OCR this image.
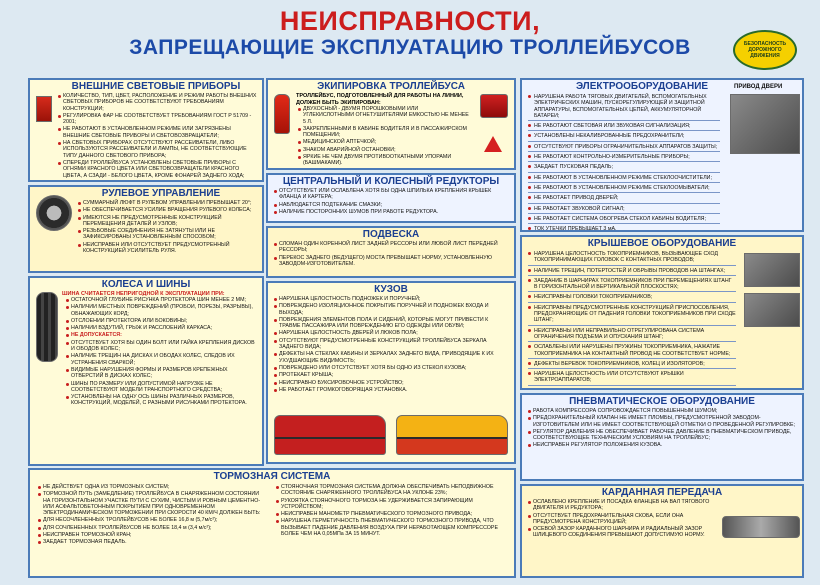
НЕИСПРАВНОСТИ,
ЗАПРЕЩАЮЩИЕ ЭКСПЛУАТАЦИЮ ТРОЛЛЕЙБУСОВ	БЕЗОПАСНОСТЬ ДОРОЖНОГО ДВИЖЕНИЯ
ВНЕШНИЕ СВЕТОВЫЕ ПРИБОРЫ
КОЛИЧЕСТВО, ТИП, ЦВЕТ, РАСПОЛОЖЕНИЕ И РЕЖИМ РАБОТЫ ВНЕШНИХ СВЕТОВЫХ ПРИБОРОВ НЕ СООТВЕТСТВУЮТ ТРЕБОВАНИЯМ КОНСТРУКЦИИ;
РЕГУЛИРОВКА ФАР НЕ СООТВЕТСТВУЕТ ТРЕБОВАНИЯМ ГОСТ Р 51709 - 2001;
НЕ РАБОТАЮТ В УСТАНОВЛЕННОМ РЕЖИМЕ ИЛИ ЗАГРЯЗНЕНЫ ВНЕШНИЕ СВЕТОВЫЕ ПРИБОРЫ И СВЕТОВОЗВРАЩАТЕЛИ;
НА СВЕТОВЫХ ПРИБОРАХ ОТСУТСТВУЮТ РАССЕИВАТЕЛИ, ЛИБО ИСПОЛЬЗУЮТСЯ РАССЕИВАТЕЛИ И ЛАМПЫ, НЕ СООТВЕТСТВУЮЩИЕ ТИПУ ДАННОГО СВЕТОВОГО ПРИБОРА;
СПЕРЕДИ ТРОЛЛЕЙБУСА УСТАНОВЛЕНЫ СВЕТОВЫЕ ПРИБОРЫ С ОГНЯМИ КРАСНОГО ЦВЕТА ИЛИ СВЕТОВОЗВРАЩАТЕЛИ КРАСНОГО ЦВЕТА, А СЗАДИ - БЕЛОГО ЦВЕТА, КРОМЕ ФОНАРЕЙ ЗАДНЕГО ХОДА;
РУЛЕВОЕ УПРАВЛЕНИЕ
СУММАРНЫЙ ЛЮФТ В РУЛЕВОМ УПРАВЛЕНИИ ПРЕВЫШАЕТ 20°;
НЕ ОБЕСПЕЧИВАЕТСЯ УСИЛИЕ ВРАЩЕНИЯ РУЛЕВОГО КОЛЕСА;
ИМЕЮТСЯ НЕ ПРЕДУСМОТРЕННЫЕ КОНСТРУКЦИЕЙ ПЕРЕМЕЩЕНИЯ ДЕТАЛЕЙ И УЗЛОВ;
РЕЗЬБОВЫЕ СОЕДИНЕНИЯ НЕ ЗАТЯНУТЫ ИЛИ НЕ ЗАФИКСИРОВАНЫ УСТАНОВЛЕННЫМ СПОСОБОМ;
НЕИСПРАВЕН ИЛИ ОТСУТСТВУЕТ ПРЕДУСМОТРЕННЫЙ КОНСТРУКЦИЕЙ УСИЛИТЕЛЬ РУЛЯ.
КОЛЕСА И ШИНЫ
ШИНА СЧИТАЕТСЯ НЕПРИГОДНОЙ К ЭКСПЛУАТАЦИИ ПРИ:
ОСТАТОЧНОЙ ГЛУБИНЕ РИСУНКА ПРОТЕКТОРА ШИН МЕНЕЕ 2 ММ;
НАЛИЧИИ МЕСТНЫХ ПОВРЕЖДЕНИЙ (ПРОБОИ, ПОРЕЗЫ, РАЗРЫВЫ), ОБНАЖАЮЩИХ КОРД;
ОТСЛОЕНИИ ПРОТЕКТОРА ИЛИ БОКОВИНЫ;
НАЛИЧИИ ВЗДУТИЙ, ГРЫЖ И РАССЛОЕНИЙ КАРКАСА;
НЕ ДОПУСКАЕТСЯ:
ОТСУТСТВУЕТ ХОТЯ БЫ ОДИН БОЛТ ИЛИ ГАЙКА КРЕПЛЕНИЯ ДИСКОВ И ОБОДОВ КОЛЕС;
НАЛИЧИЕ ТРЕЩИН НА ДИСКАХ И ОБОДАХ КОЛЕС, СЛЕДОВ ИХ УСТРАНЕНИЯ СВАРКОЙ;
ВИДИМЫЕ НАРУШЕНИЯ ФОРМЫ И РАЗМЕРОВ КРЕПЕЖНЫХ ОТВЕРСТИЙ В ДИСКАХ КОЛЕС;
ШИНЫ ПО РАЗМЕРУ ИЛИ ДОПУСТИМОЙ НАГРУЗКЕ НЕ СООТВЕТСТВУЮТ МОДЕЛИ ТРАНСПОРТНОГО СРЕДСТВА;
УСТАНОВЛЕНЫ НА ОДНУ ОСЬ ШИНЫ РАЗЛИЧНЫХ РАЗМЕРОВ, КОНСТРУКЦИЙ, МОДЕЛЕЙ, С РАЗНЫМИ РИСУНКАМИ ПРОТЕКТОРА.
ЭКИПИРОВКА ТРОЛЛЕЙБУСА
ТРОЛЛЕЙБУС, ПОДГОТОВЛЕННЫЙ ДЛЯ РАБОТЫ НА ЛИНИИ, ДОЛЖЕН БЫТЬ ЭКИПИРОВАН:
ДВУХОСНЫЙ - ДВУМЯ ПОРОШКОВЫМИ ИЛИ УГЛЕКИСЛОТНЫМИ ОГНЕТУШИТЕЛЯМИ ЕМКОСТЬЮ НЕ МЕНЕЕ 5 Л.
ЗАКРЕПЛЕННЫМИ В КАБИНЕ ВОДИТЕЛЯ И В ПАССАЖИРСКОМ ПОМЕЩЕНИИ;
МЕДИЦИНСКОЙ АПТЕЧКОЙ;
ЗНАКОМ АВАРИЙНОЙ ОСТАНОВКИ;
ЯРКИЕ НЕ ЧЕМ ДВУМЯ ПРОТИВООТКАТНЫМИ УПОРАМИ (БАШМАКАМИ).
ЦЕНТРАЛЬНЫЙ И КОЛЕСНЫЙ РЕДУКТОРЫ
ОТСУТСТВУЕТ ИЛИ ОСЛАБЛЕНА ХОТЯ БЫ ОДНА ШПИЛЬКА КРЕПЛЕНИЯ КРЫШЕК ФЛАНЦА И КАРТЕРА;
НАБЛЮДАЕТСЯ ПОДТЕКАНИЕ СМАЗКИ;
НАЛИЧИЕ ПОСТОРОННИХ ШУМОВ ПРИ РАБОТЕ РЕДУКТОРА.
ПОДВЕСКА
СЛОМАН ОДИН КОРЕННОЙ ЛИСТ ЗАДНЕЙ РЕССОРЫ ИЛИ ЛЮБОЙ ЛИСТ ПЕРЕДНЕЙ РЕССОРЫ;
ПЕРЕКОС ЗАДНЕГО (ВЕДУЩЕГО) МОСТА ПРЕВЫШАЕТ НОРМУ, УСТАНОВЛЕННУЮ ЗАВОДОМ-ИЗГОТОВИТЕЛЕМ.
КУЗОВ
НАРУШЕНА ЦЕЛОСТНОСТЬ ПОДНОЖЕК И ПОРУЧНЕЙ;
ПОВРЕЖДЕНО ИЗОЛЯЦИОННОЕ ПОКРЫТИЕ ПОРУЧНЕЙ И ПОДНОЖЕК ВХОДА И ВЫХОДА;
ПОВРЕЖДЕНИЯ ЭЛЕМЕНТОВ ПОЛА И СИДЕНИЙ, КОТОРЫЕ МОГУТ ПРИВЕСТИ К ТРАВМЕ ПАССАЖИРА ИЛИ ПОВРЕЖДЕНИЮ ЕГО ОДЕЖДЫ ИЛИ ОБУВИ;
НАРУШЕНА ЦЕЛОСТНОСТЬ ДВЕРЕЙ И ЛЮКОВ ПОЛА;
ОТСУТСТВУЮТ ПРЕДУСМОТРЕННЫЕ КОНСТРУКЦИЕЙ ТРОЛЛЕЙБУСА ЗЕРКАЛА ЗАДНЕГО ВИДА;
ДЕФЕКТЫ НА СТЕКЛАХ КАБИНЫ И ЗЕРКАЛАХ ЗАДНЕГО ВИДА, ПРИВОДЯЩИЕ К ИХ УХУДШАЮЩИЕ ВИДИМОСТЬ;
ПОВРЕЖДЕНО ИЛИ ОТСУТСТВУЕТ ХОТЯ БЫ ОДНО ИЗ СТЕКОЛ КУЗОВА;
ПРОТЕКАЕТ КРЫША;
НЕИСПРАВНО БУКСИРОВОЧНОЕ УСТРОЙСТВО;
НЕ РАБОТАЕТ ГРОМКОГОВОРЯЩАЯ УСТАНОВКА.
ЭЛЕКТРООБОРУДОВАНИЕ	ПРИВОД ДВЕРИ
НАРУШЕНА РАБОТА ТЯГОВЫХ ДВИГАТЕЛЕЙ, ВСПОМОГАТЕЛЬНЫХ ЭЛЕКТРИЧЕСКИХ МАШИН, ПУСКОРЕГУЛИРУЮЩЕЙ И ЗАЩИТНОЙ АППАРАТУРЫ, ВСПОМОГАТЕЛЬНЫХ ЦЕПЕЙ, АККУМУЛЯТОРНОЙ БАТАРЕИ;
НЕ РАБОТАЮТ СВЕТОВАЯ ИЛИ ЗВУКОВАЯ СИГНАЛИЗАЦИЯ;
УСТАНОВЛЕНЫ НЕКАЛИБРОВАННЫЕ ПРЕДОХРАНИТЕЛИ;
ОТСУТСТВУЮТ ПРИБОРЫ ОГРАНИЧИТЕЛЬНЫХ АППАРАТОВ ЗАЩИТЫ;
НЕ РАБОТАЮТ КОНТРОЛЬНО-ИЗМЕРИТЕЛЬНЫЕ ПРИБОРЫ;
ЗАЕДАЕТ ПУСКОВАЯ ПЕДАЛЬ;
НЕ РАБОТАЮТ В УСТАНОВЛЕННОМ РЕЖИМЕ СТЕКЛООЧИСТИТЕЛИ;
НЕ РАБОТАЮТ В УСТАНОВЛЕННОМ РЕЖИМЕ СТЕКЛООМЫВАТЕЛИ;
НЕ РАБОТАЕТ ПРИВОД ДВЕРЕЙ;
НЕ РАБОТАЕТ ЗВУКОВОЙ СИГНАЛ;
НЕ РАБОТАЕТ СИСТЕМА ОБОГРЕВА СТЕКОЛ КАБИНЫ ВОДИТЕЛЯ;
ТОК УТЕЧКИ ПРЕВЫШАЕТ 3 мА.
КРЫШЕВОЕ ОБОРУДОВАНИЕ
НАРУШЕНА ЦЕЛОСТНОСТЬ ТОКОПРИЕМНИКОВ, ВЫЗЫВАЮЩЕЕ СХОД ТОКОПРИНИМАЮЩИХ ГОЛОВОК С КОНТАКТНЫХ ПРОВОДОВ;
НАЛИЧИЕ ТРЕЩИН, ПОТЕРТОСТЕЙ И ОБРЫВЫ ПРОВОДОВ НА ШТАНГАХ;
ЗАЕДАНИЕ В ШАРНИРАХ ТОКОПРИЕМНИКОВ ПРИ ПЕРЕМЕЩЕНИЯХ ШТАНГ В ГОРИЗОНТАЛЬНОЙ И ВЕРТИКАЛЬНОЙ ПЛОСКОСТЯХ;
НЕИСПРАВНЫ ГОЛОВКИ ТОКОПРИЕМНИКОВ;
НЕИСПРАВНЫ ПРЕДУСМОТРЕННЫЕ КОНСТРУКЦИЕЙ ПРИСПОСОБЛЕНИЯ, ПРЕДОХРАНЯЮЩИЕ ОТ ПАДЕНИЯ ГОЛОВКИ ТОКОПРИЕМНИКОВ ПРИ СХОДЕ ШТАНГ;
НЕИСПРАВНЫ ИЛИ НЕПРАВИЛЬНО ОТРЕГУЛИРОВАНА СИСТЕМА ОГРАНИЧЕНИЯ ПОДЪЕМА И ОПУСКАНИЯ ШТАНГ;
ОСЛАБЛЕНЫ ИЛИ НАРУШЕНЫ ПРУЖИНЫ ТОКОПРИЕМНИКА, НАЖАТИЕ ТОКОПРИЕМНИКА НА КОНТАКТНЫЙ ПРОВОД НЕ СООТВЕТСТВУЕТ НОРМЕ;
ДЕФЕКТЫ ВЕРЕВОК ТОКОПРИЕМНИКОВ, КОЛЕЦ И ИЗОЛЯТОРОВ;
НАРУШЕНА ЦЕЛОСТНОСТЬ ИЛИ ОТСУТСТВУЮТ КРЫШКИ ЭЛЕКТРОАППАРАТОВ;
ПНЕВМАТИЧЕСКОЕ ОБОРУДОВАНИЕ
РАБОТА КОМПРЕССОРА СОПРОВОЖДАЕТСЯ ПОВЫШЕННЫМ ШУМОМ;
ПРЕДОХРАНИТЕЛЬНЫЙ КЛАПАН НЕ ИМЕЕТ ПЛОМБЫ, ПРЕДУСМОТРЕННОЙ ЗАВОДОМ-ИЗГОТОВИТЕЛЕМ ИЛИ НЕ ИМЕЕТ СООТВЕТСТВУЮЩЕЙ ОТМЕТКИ О ПРОВЕДЕННОЙ РЕГУЛИРОВКЕ;
РЕГУЛЯТОР ДАВЛЕНИЯ НЕ ОБЕСПЕЧИВАЕТ РАБОЧЕЕ ДАВЛЕНИЕ В ПНЕВМАТИЧЕСКОМ ПРИВОДЕ, СООТВЕТСТВУЮЩЕЕ ТЕХНИЧЕСКИМ УСЛОВИЯМ НА ТРОЛЛЕЙБУС;
НЕИСПРАВЕН РЕГУЛЯТОР ПОЛОЖЕНИЯ КУЗОВА.
ТОРМОЗНАЯ СИСТЕМА
НЕ ДЕЙСТВУЕТ ОДНА ИЗ ТОРМОЗНЫХ СИСТЕМ;
ТОРМОЗНОЙ ПУТЬ (ЗАМЕДЛЕНИЕ) ТРОЛЛЕЙБУСА В СНАРЯЖЕННОМ СОСТОЯНИИ НА ГОРИЗОНТАЛЬНОМ УЧАСТКЕ ПУТИ С СУХИМ, ЧИСТЫМ И РОВНЫМ ЦЕМЕНТНО- ИЛИ АСФАЛЬТОБЕТОННЫМ ПОКРЫТИЕМ ПРИ ОДНОВРЕМЕННОМ ЭЛЕКТРОДИНАМИЧЕСКОМ ТОРМОЖЕНИИ ПРИ СКОРОСТИ 40 КМ/Ч ДОЛЖЕН БЫТЬ:
ДЛЯ НЕСОЧЛЕНЕННЫХ ТРОЛЛЕЙБУСОВ НЕ БОЛЕЕ 16,8 м (5,7м/с²);
ДЛЯ СОЧЛЕНЕННЫХ ТРОЛЛЕЙБУСОВ НЕ БОЛЕЕ 18,4 м (3,4 м/с²);
НЕИСПРАВЕН ТОРМОЗНОЙ КРАН;
ЗАЕДАЕТ ТОРМОЗНАЯ ПЕДАЛЬ.
СТОЯНОЧНАЯ ТОРМОЗНАЯ СИСТЕМА ДОЛЖНА ОБЕСПЕЧИВАТЬ НЕПОДВИЖНОЕ СОСТОЯНИЕ СНАРЯЖЕННОГО ТРОЛЛЕЙБУСА НА УКЛОНЕ 23%;
РУКОЯТКА СТОЯНОЧНОГО ТОРМОЗА НЕ УДЕРЖИВАЕТСЯ ЗАПИРАЮЩИМ УСТРОЙСТВОМ;
НЕИСПРАВЕН МАНОМЕТР ПНЕВМАТИЧЕСКОГО ТОРМОЗНОГО ПРИВОДА;
НАРУШЕНА ГЕРМЕТИЧНОСТЬ ПНЕВМАТИЧЕСКОГО ТОРМОЗНОГО ПРИВОДА, ЧТО ВЫЗЫВАЕТ ПАДЕНИЕ ДАВЛЕНИЯ ВОЗДУХА ПРИ НЕРАБОТАЮЩЕМ КОМПРЕССОРЕ БОЛЕЕ ЧЕМ НА 0,05МПа ЗА 15 МИНУТ.
КАРДАННАЯ ПЕРЕДАЧА
ОСЛАБЛЕНО КРЕПЛЕНИЕ И ПОСАДКА ФЛАНЦЕВ НА ВАЛ ТЯГОВОГО ДВИГАТЕЛЯ И РЕДУКТОРА;
ОТСУТСТВУЕТ ПРЕДОХРАНИТЕЛЬНАЯ СКОБА, ЕСЛИ ОНА ПРЕДУСМОТРЕНА КОНСТРУКЦИЕЙ;
ОСЕВОЙ ЗАЗОР КАРДАННОГО ШАРНИРА И РАДИАЛЬНЫЙ ЗАЗОР ШЛИЦЕВОГО СОЕДИНЕНИЯ ПРЕВЫШАЮТ ДОПУСТИМУЮ НОРМУ.
